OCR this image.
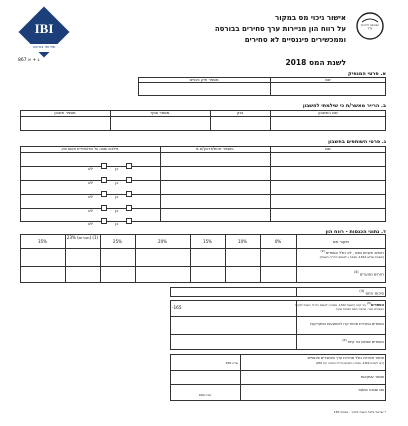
IBI
שירותי בורסה
867 ג + א
הבורסה לניירות ערך
אישור ניכוי מס במקור
על רווח הון מניירות ערך סחירים בבורסה
וממכשירים פיננסיים לא סחירים
לשנת המס 2018
א. פרטי המנפיק
שם
מספר תיק ניכויים
ב. הרייר מאשר/ת כי שילמתי לחשבון
שם החשבון
בנק
מספר סניף
מספר חשבון
ג. פרטי השותפים בחשבון
שם
מספר זהות/דרכון/ח.פ.
מילוטה ומונה על החלמיתייית חשום חוק
כן  לא
כן  לא
כן  לא
כן  לא
כן  לא
ד. נתוני הכנסות - רווח הון
שיעור מס
0%
10%
15%
20%
25%
23% (חברות) (1)
35%
רווחים חיוביים במס , לא כולל הפסדים $^{(2)}$
(חשבת שלוש 1322, נספח ג לטופס הדו"ח השנתי)
רווחים מנוערים $^{(4)}$
סיכום המס $^{(4)}$
הפסדים$^{(5)}$ בני קיזוז (חשבת 1322, נספח ג לטופס הדו"ח השנתי לנקות
המוכרים שכר, שרשור המס הפחות גביף)
-165
הפסדים במכירת מניות קרו להשקעות במקרקעין
הפסדים שאינם בני קיזוז $^{(6)}$
תחזור מכירות כולל מניירות ערך ומכשירים פיננסיים
(ראו לשונות 1322, נספח ג לטופס הדו"ח השנתי, קוד 256)
שדה 256
מספר עסקאות
מס שנוכה במקור
שדה 040
* ישראל בלבד השנה לחזור - נוסחה 130
